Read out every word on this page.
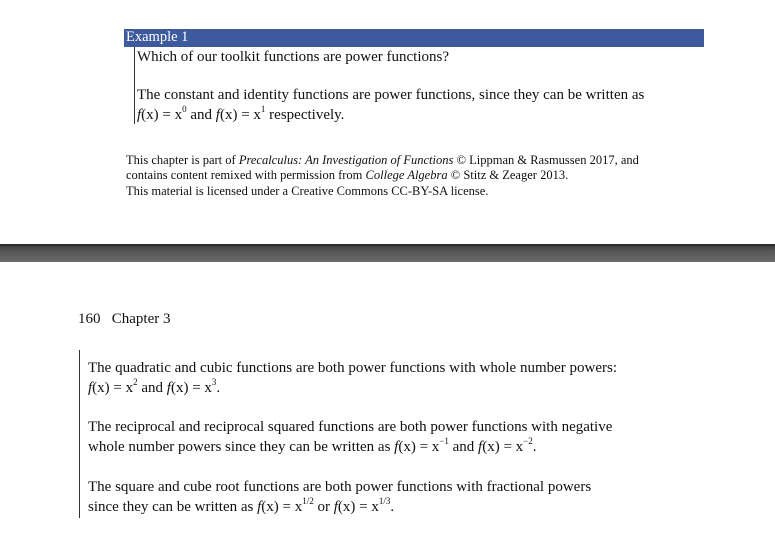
Example 1
Which of our toolkit functions are power functions?
The constant and identity functions are power functions, since they can be written as
$f(x) = x^0$ and $f(x) = x^1$ respectively.
This chapter is part of Precalculus: An Investigation of Functions © Lippman & Rasmussen 2017, and
contains content remixed with permission from College Algebra © Stitz & Zeager 2013.
This material is licensed under a Creative Commons CC-BY-SA license.
160   Chapter 3
The quadratic and cubic functions are both power functions with whole number powers:
$f(x) = x^2$ and $f(x) = x^3$.
The reciprocal and reciprocal squared functions are both power functions with negative
whole number powers since they can be written as $f(x) = x^{-1}$ and $f(x) = x^{-2}$.
The square and cube root functions are both power functions with fractional powers
since they can be written as $f(x) = x^{1/2}$ or $f(x) = x^{1/3}$.
